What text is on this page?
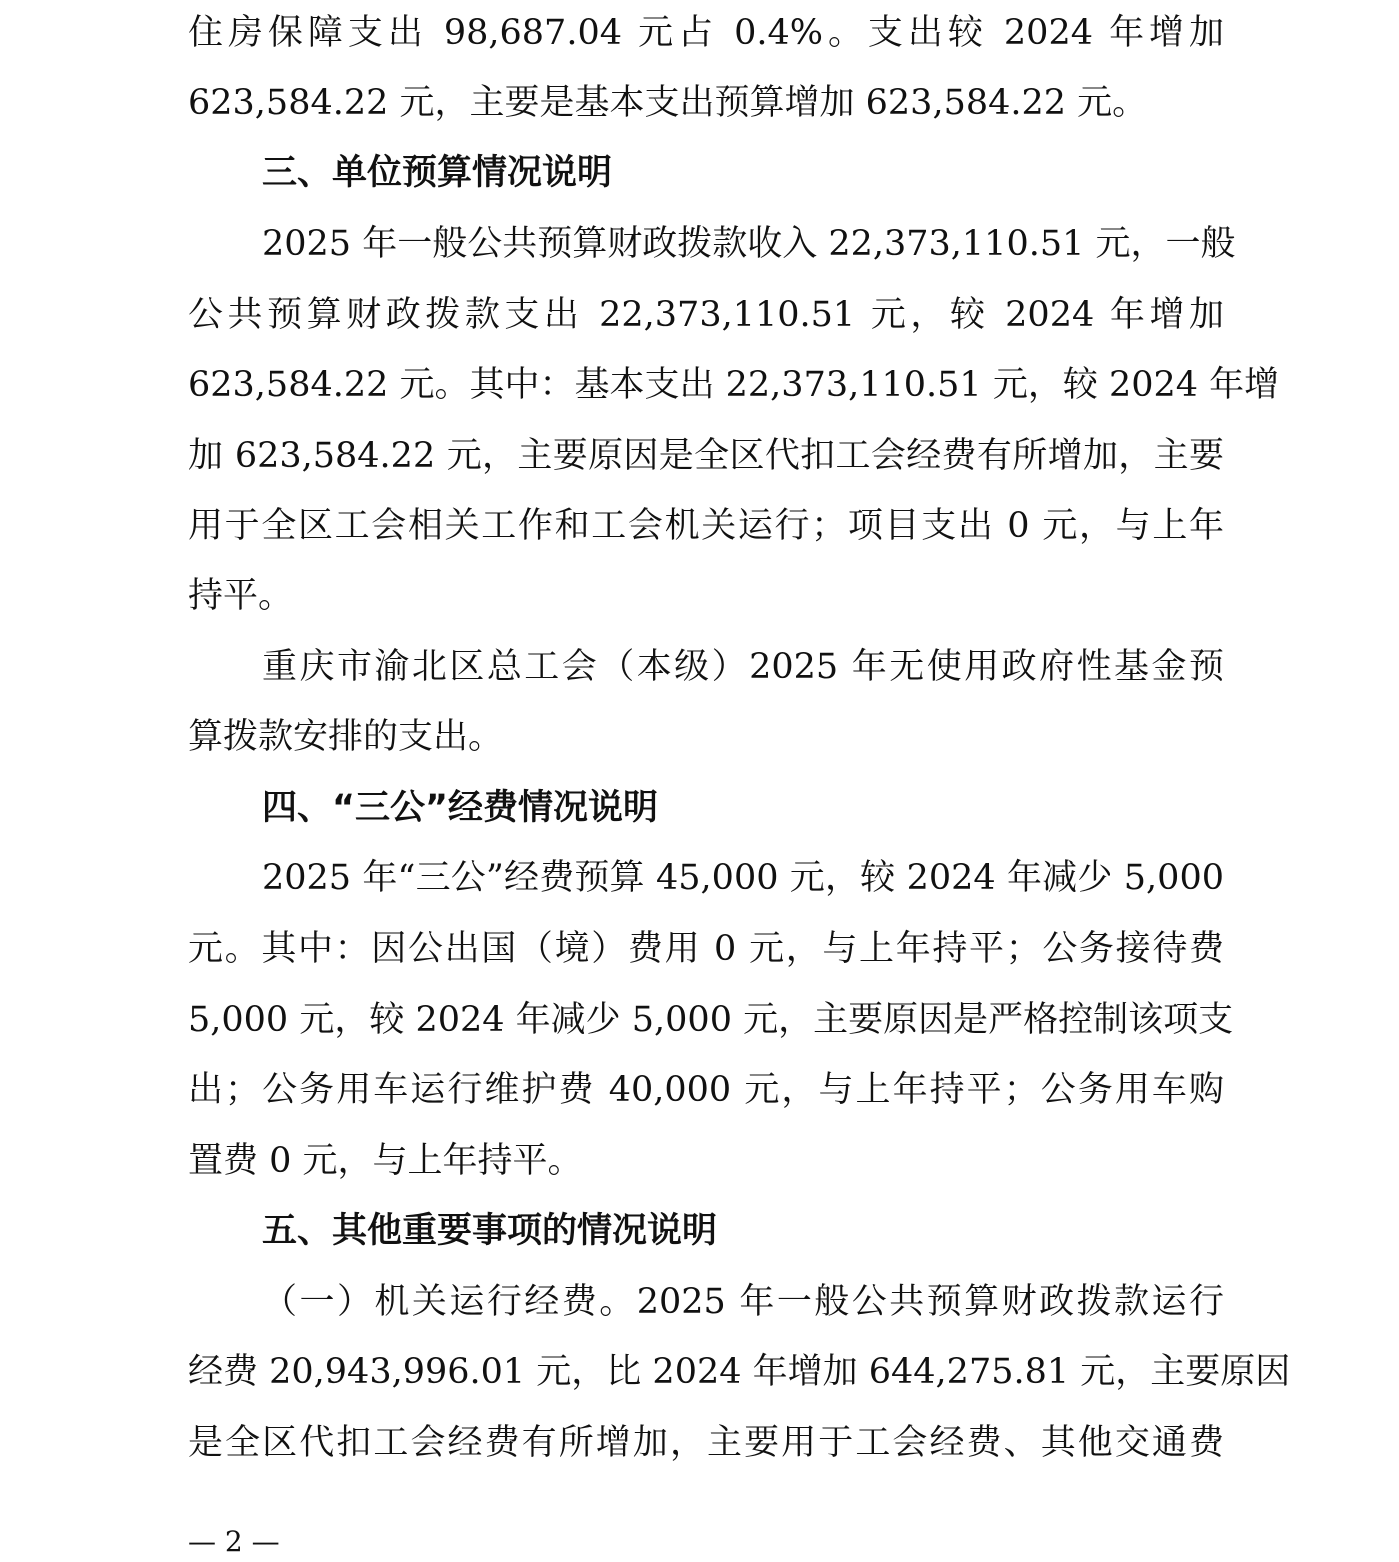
住房保障支出 98,687.04 元占 0.4%。支出较 2024 年增加
623,584.22 元，主要是基本支出预算增加 623,584.22 元。
三、单位预算情况说明
2025 年一般公共预算财政拨款收入 22,373,110.51 元，一般
公共预算财政拨款支出 22,373,110.51 元，较 2024 年增加
623,584.22 元。其中：基本支出 22,373,110.51 元，较 2024 年增
加 623,584.22 元，主要原因是全区代扣工会经费有所增加，主要
用于全区工会相关工作和工会机关运行；项目支出 0 元，与上年
持平。
重庆市渝北区总工会（本级）2025 年无使用政府性基金预
算拨款安排的支出。
四、“三公”经费情况说明
2025 年“三公”经费预算 45,000 元，较 2024 年减少 5,000
元。其中：因公出国（境）费用 0 元，与上年持平；公务接待费
5,000 元，较 2024 年减少 5,000 元，主要原因是严格控制该项支
出；公务用车运行维护费 40,000 元，与上年持平；公务用车购
置费 0 元，与上年持平。
五、其他重要事项的情况说明
（一）机关运行经费。2025 年一般公共预算财政拨款运行
经费 20,943,996.01 元，比 2024 年增加 644,275.81 元，主要原因
是全区代扣工会经费有所增加，主要用于工会经费、其他交通费
— 2 —
